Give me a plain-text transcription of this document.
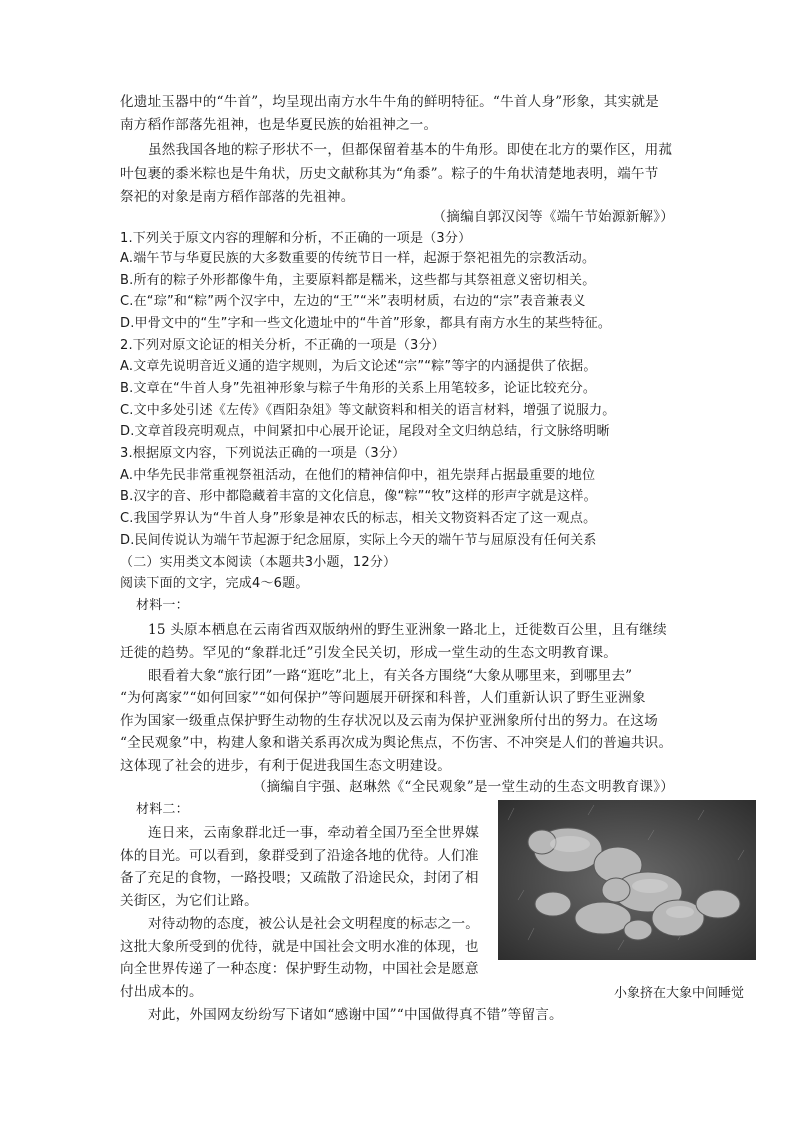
化遗址玉器中的“牛首”，均呈现出南方水牛牛角的鲜明特征。“牛首人身”形象，其实就是
南方稻作部落先祖神，也是华夏民族的始祖神之一。
虽然我国各地的粽子形状不一，但都保留着基本的牛角形。即使在北方的粟作区，用菰
叶包裹的黍米粽也是牛角状，历史文献称其为“角黍”。粽子的牛角状清楚地表明，端午节
祭祀的对象是南方稻作部落的先祖神。
（摘编自郭汉闵等《端午节始源新解》）
1.下列关于原文内容的理解和分析，不正确的一项是（3分）
A.端午节与华夏民族的大多数重要的传统节日一样，起源于祭祀祖先的宗教活动。
B.所有的粽子外形都像牛角，主要原料都是糯米，这些都与其祭祖意义密切相关。
C.在“琮”和“粽”两个汉字中，左边的“王”“米”表明材质，右边的“宗”表音兼表义
D.甲骨文中的“生”字和一些文化遗址中的“牛首”形象，都具有南方水生的某些特征。
2.下列对原文论证的相关分析，不正确的一项是（3分）
A.文章先说明音近义通的造字规则，为后文论述“宗”“粽”等字的内涵提供了依据。
B.文章在“牛首人身”先祖神形象与粽子牛角形的关系上用笔较多，论证比较充分。
C.文中多处引述《左传》《酉阳杂俎》等文献资料和相关的语言材料，增强了说服力。
D.文章首段亮明观点，中间紧扣中心展开论证，尾段对全文归纳总结，行文脉络明晰
3.根据原文内容，下列说法正确的一项是（3分）
A.中华先民非常重视祭祖活动，在他们的精神信仰中，祖先崇拜占据最重要的地位
B.汉字的音、形中都隐藏着丰富的文化信息，像“粽”“牧”这样的形声字就是这样。
C.我国学界认为“牛首人身”形象是神农氏的标志，相关文物资料否定了这一观点。
D.民间传说认为端午节起源于纪念屈原，实际上今天的端午节与屈原没有任何关系
（二）实用类文本阅读（本题共3小题，12分）
阅读下面的文字，完成4～6题。
材料一：
15 头原本栖息在云南省西双版纳州的野生亚洲象一路北上，迁徙数百公里，且有继续
迁徙的趋势。罕见的“象群北迁”引发全民关切，形成一堂生动的生态文明教育课。
眼看着大象“旅行团”一路“逛吃”北上，有关各方围绕“大象从哪里来，到哪里去”
“为何离家”“如何回家”“如何保护”等问题展开研探和科普，人们重新认识了野生亚洲象
作为国家一级重点保护野生动物的生存状况以及云南为保护亚洲象所付出的努力。在这场
“全民观象”中，构建人象和谐关系再次成为舆论焦点，不伤害、不冲突是人们的普遍共识。
这体现了社会的进步，有利于促进我国生态文明建设。
（摘编自宇强、赵琳然《“全民观象”是一堂生动的生态文明教育课》）
材料二：
连日来，云南象群北迁一事，牵动着全国乃至全世界媒
体的目光。可以看到，象群受到了沿途各地的优待。人们准
备了充足的食物，一路投喂；又疏散了沿途民众，封闭了相
关街区，为它们让路。
对待动物的态度，被公认是社会文明程度的标志之一。
这批大象所受到的优待，就是中国社会文明水准的体现，也
向全世界传递了一种态度：保护野生动物，中国社会是愿意
付出成本的。
对此，外国网友纷纷写下诸如“感谢中国”“中国做得真不错”等留言。
小象挤在大象中间睡觉
